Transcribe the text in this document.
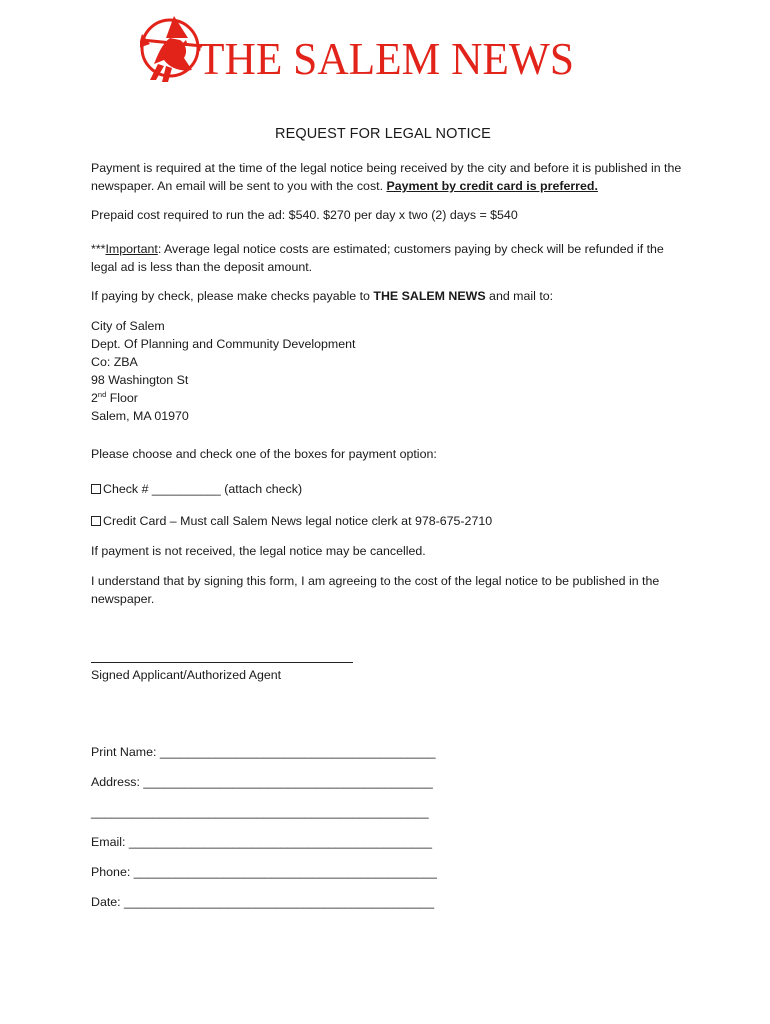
THE SALEM NEWS
REQUEST FOR LEGAL NOTICE
Payment is required at the time of the legal notice being received by the city and before it is published in the newspaper. An email will be sent to you with the cost. Payment by credit card is preferred.
Prepaid cost required to run the ad: $540. $270 per day x two (2) days = $540
***Important: Average legal notice costs are estimated; customers paying by check will be refunded if the legal ad is less than the deposit amount.
If paying by check, please make checks payable to THE SALEM NEWS and mail to:
City of Salem
Dept. Of Planning and Community Development
Co: ZBA
98 Washington St
2nd Floor
Salem, MA 01970
Please choose and check one of the boxes for payment option:
Check # __________ (attach check)
Credit Card – Must call Salem News legal notice clerk at 978-675-2710
If payment is not received, the legal notice may be cancelled.
I understand that by signing this form, I am agreeing to the cost of the legal notice to be published in the newspaper.
Signed Applicant/Authorized Agent
Print Name: ________________________________________
Address: __________________________________________
_________________________________________________
Email: ____________________________________________
Phone: ____________________________________________
Date: _____________________________________________
